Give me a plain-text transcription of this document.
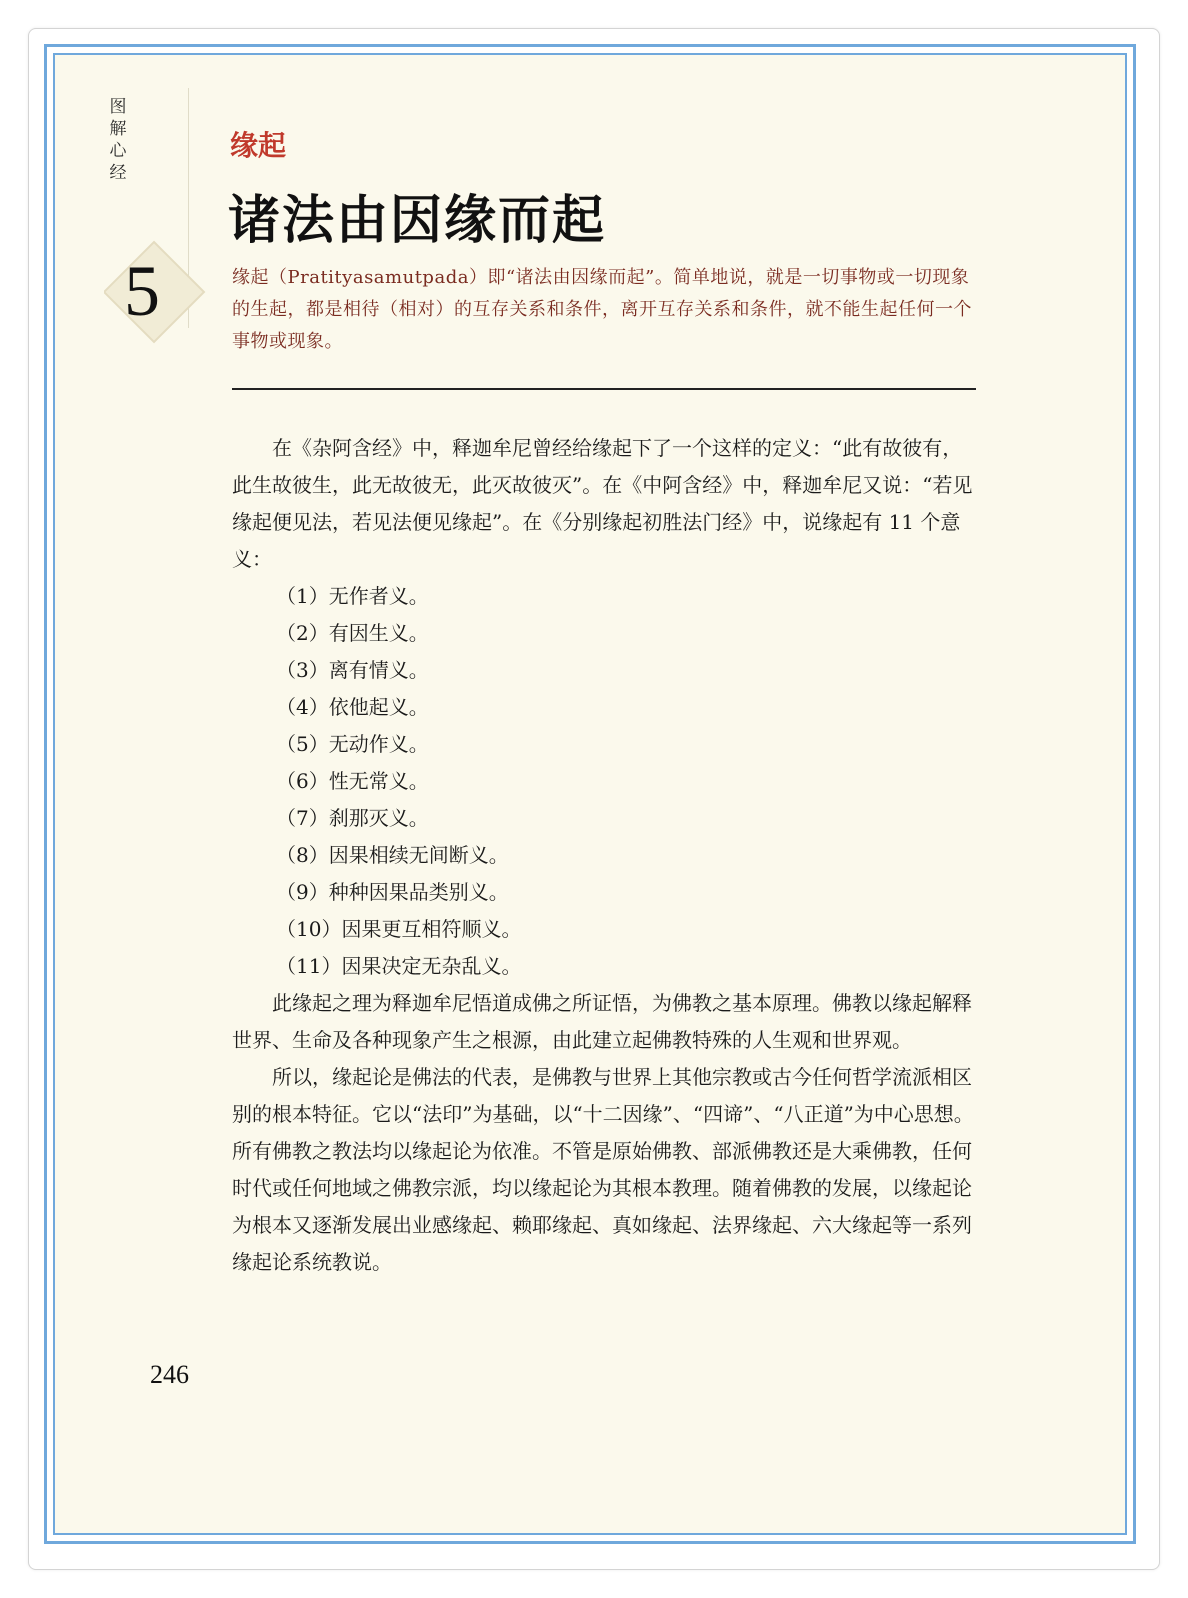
图解心经
5
缘起
诸法由因缘而起
缘起（Pratityasamutpada）即“诸法由因缘而起”。简单地说，就是一切事物或一切现象的生起，都是相待（相对）的互存关系和条件，离开互存关系和条件，就不能生起任何一个事物或现象。

在《杂阿含经》中，释迦牟尼曾经给缘起下了一个这样的定义：“此有故彼有，此生故彼生，此无故彼无，此灭故彼灭”。在《中阿含经》中，释迦牟尼又说：“若见缘起便见法，若见法便见缘起”。在《分别缘起初胜法门经》中，说缘起有 11 个意义：

（1）无作者义。
（2）有因生义。
（3）离有情义。
（4）依他起义。
（5）无动作义。
（6）性无常义。
（7）刹那灭义。
（8）因果相续无间断义。
（9）种种因果品类别义。
（10）因果更互相符顺义。
（11）因果决定无杂乱义。

此缘起之理为释迦牟尼悟道成佛之所证悟，为佛教之基本原理。佛教以缘起解释世界、生命及各种现象产生之根源，由此建立起佛教特殊的人生观和世界观。

所以，缘起论是佛法的代表，是佛教与世界上其他宗教或古今任何哲学流派相区别的根本特征。它以“法印”为基础，以“十二因缘”、“四谛”、“八正道”为中心思想。所有佛教之教法均以缘起论为依准。不管是原始佛教、部派佛教还是大乘佛教，任何时代或任何地域之佛教宗派，均以缘起论为其根本教理。随着佛教的发展，以缘起论为根本又逐渐发展出业感缘起、赖耶缘起、真如缘起、法界缘起、六大缘起等一系列缘起论系统教说。

246
